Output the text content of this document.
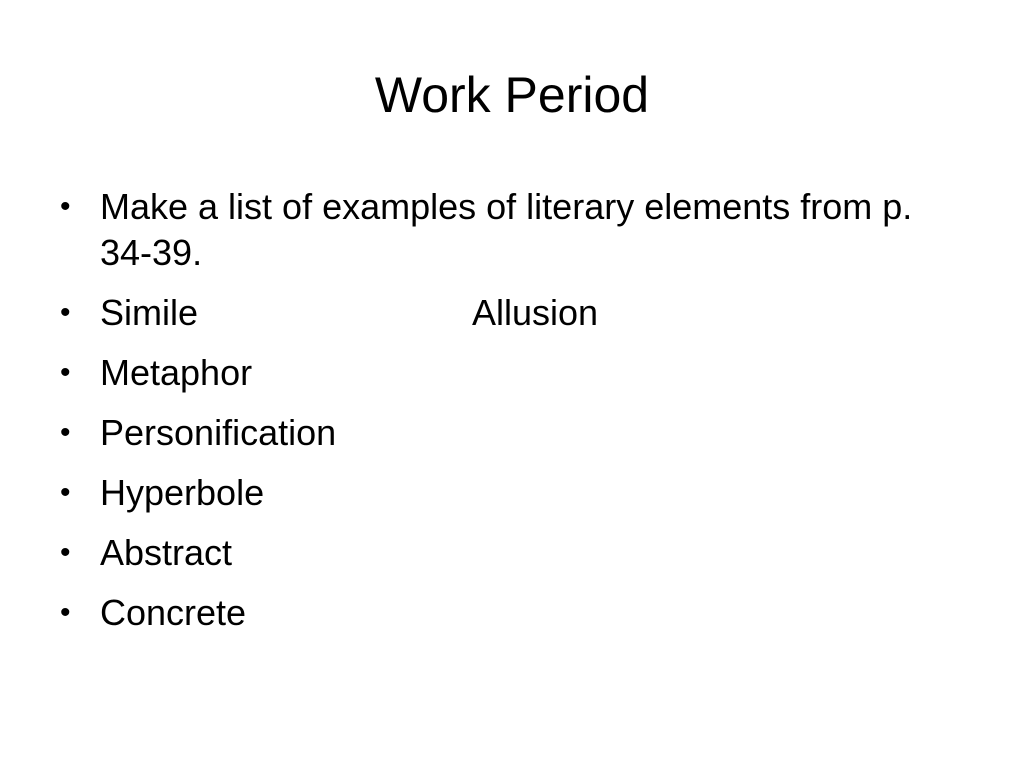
Work Period
• Make a list of examples of literary elements from p. 34-39.
• Simile	Allusion
• Metaphor
• Personification
• Hyperbole
• Abstract
• Concrete
